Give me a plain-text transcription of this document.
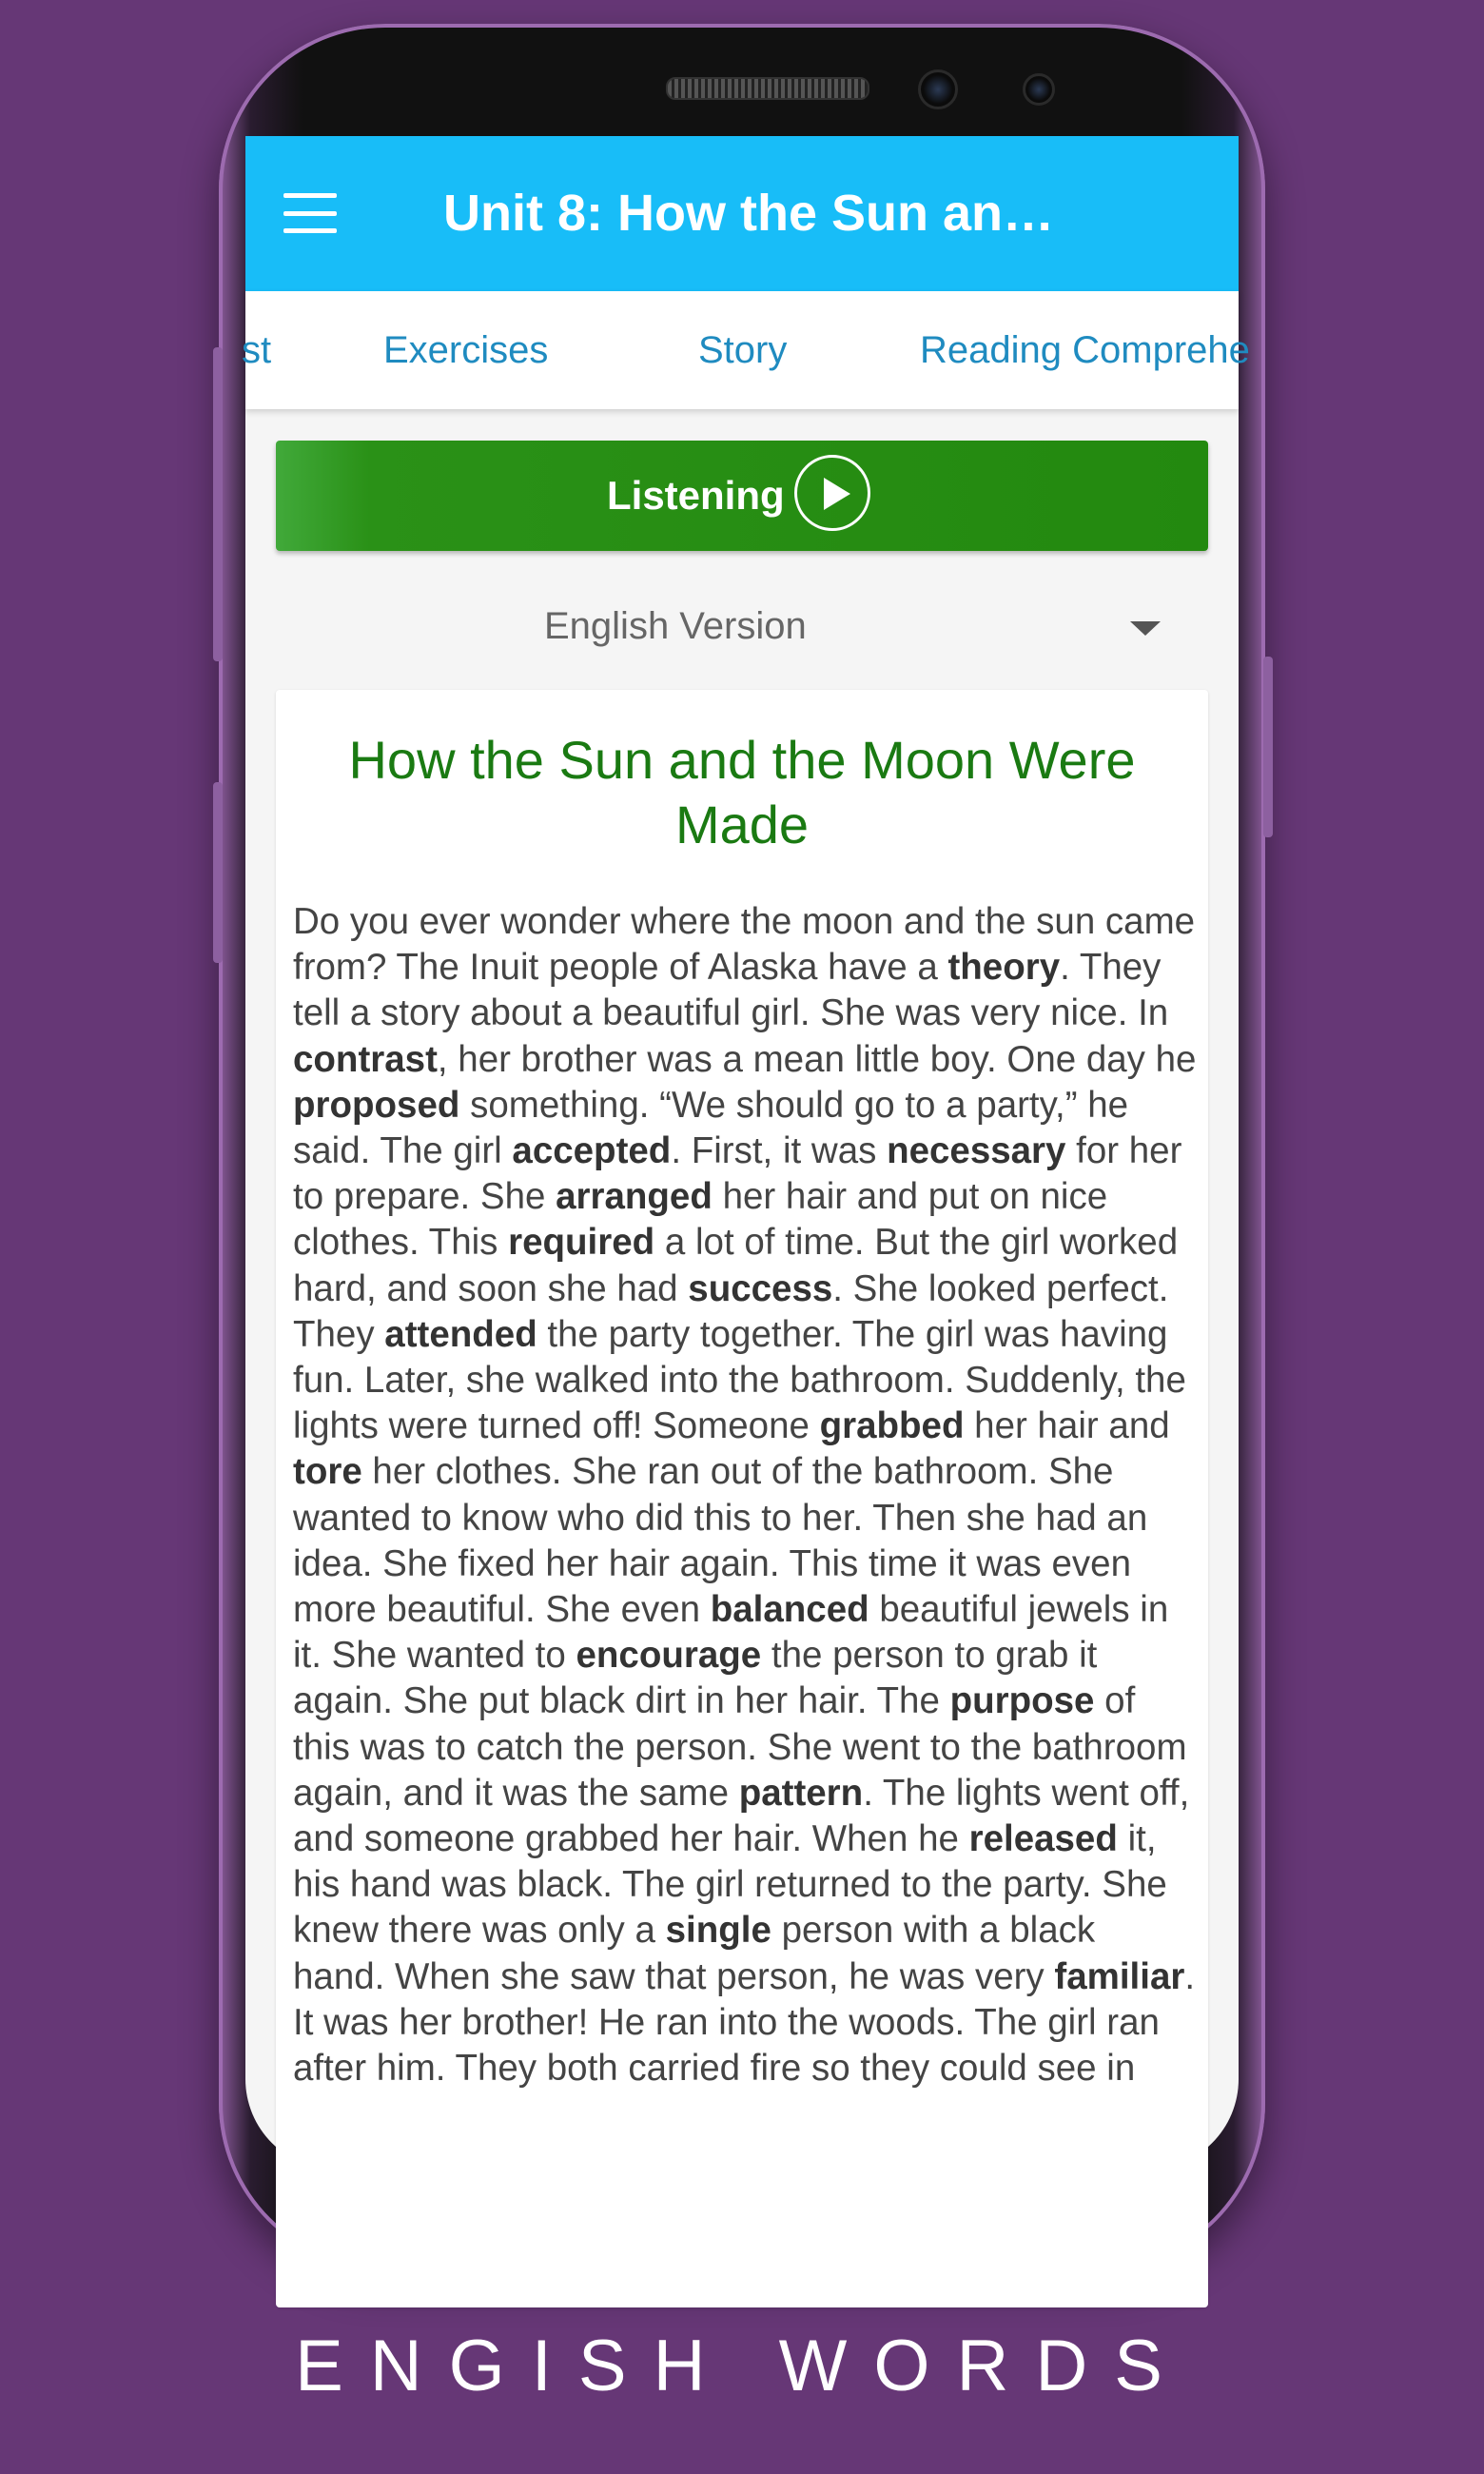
Unit 8: How the Sun an…
st	Exercises	Story	Reading Comprehe
Listening
English Version
How the Sun and the Moon Were Made

Do you ever wonder where the moon and the sun came from? The Inuit people of Alaska have a theory. They tell a story about a beautiful girl. She was very nice. In contrast, her brother was a mean little boy. One day he proposed something. “We should go to a party,” he said. The girl accepted. First, it was necessary for her to prepare. She arranged her hair and put on nice clothes. This required a lot of time. But the girl worked hard, and soon she had success. She looked perfect. They attended the party together. The girl was having fun. Later, she walked into the bathroom. Suddenly, the lights were turned off! Someone grabbed her hair and tore her clothes. She ran out of the bathroom. She wanted to know who did this to her. Then she had an idea. She fixed her hair again. This time it was even more beautiful. She even balanced beautiful jewels in it. She wanted to encourage the person to grab it again. She put black dirt in her hair. The purpose of this was to catch the person. She went to the bathroom again, and it was the same pattern. The lights went off, and someone grabbed her hair. When he released it, his hand was black. The girl returned to the party. She knew there was only a single person with a black hand. When she saw that person, he was very familiar. It was her brother! He ran into the woods. The girl ran after him. They both carried fire so they could see in

ENGISH WORDS
